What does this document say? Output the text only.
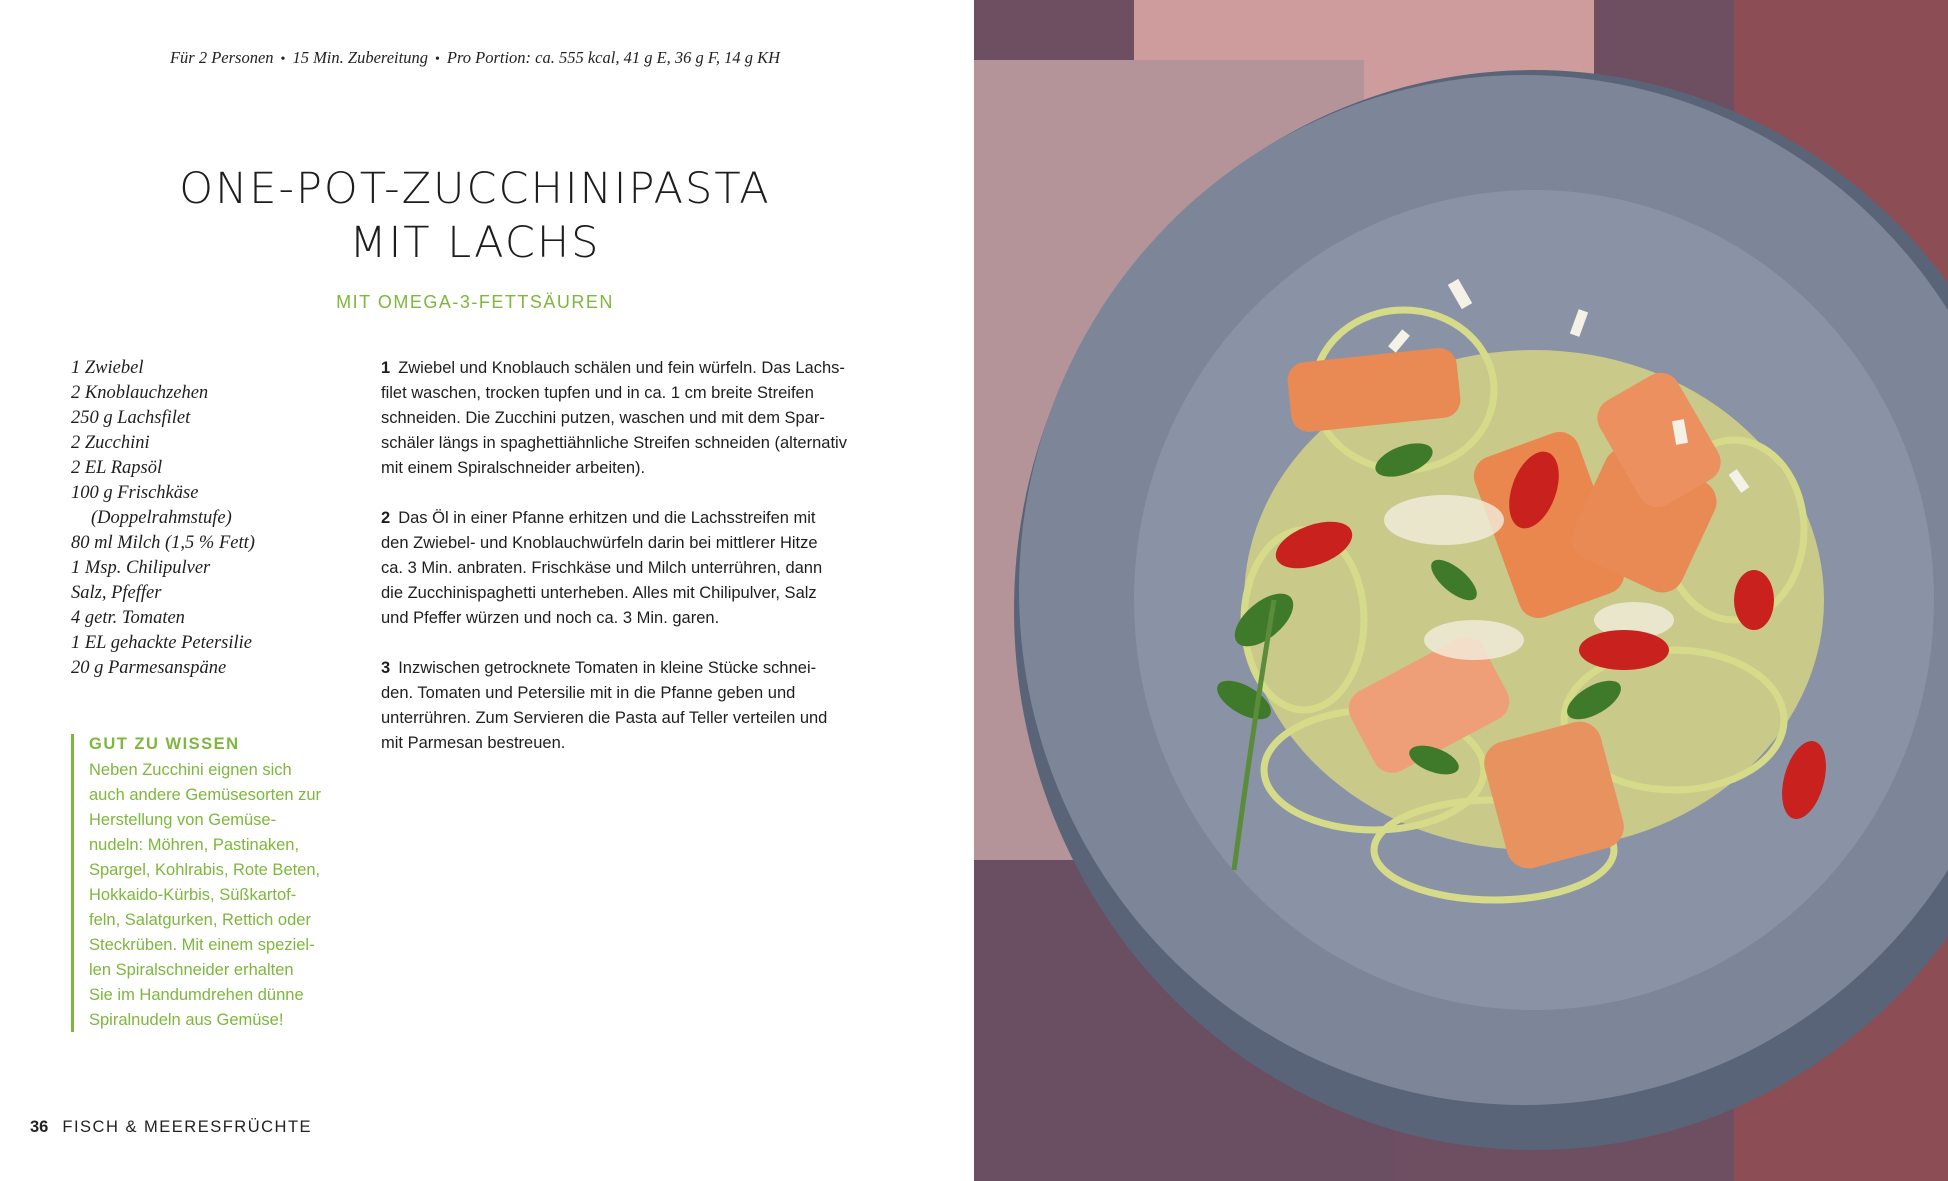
Für 2 Personen • 15 Min. Zubereitung • Pro Portion: ca. 555 kcal, 41 g E, 36 g F, 14 g KH
ONE-POT-ZUCCHINIPASTA
MIT LACHS
MIT OMEGA-3-FETTSÄUREN
1 Zwiebel
2 Knoblauchzehen
250 g Lachsfilet
2 Zucchini
2 EL Rapsöl
100 g Frischkäse
(Doppelrahmstufe)
80 ml Milch (1,5 % Fett)
1 Msp. Chilipulver
Salz, Pfeffer
4 getr. Tomaten
1 EL gehackte Petersilie
20 g Parmesanspäne
1 Zwiebel und Knoblauch schälen und fein würfeln. Das Lachs-
filet waschen, trocken tupfen und in ca. 1 cm breite Streifen
schneiden. Die Zucchini putzen, waschen und mit dem Spar-
schäler längs in spaghettiähnliche Streifen schneiden (alternativ
mit einem Spiralschneider arbeiten).
2 Das Öl in einer Pfanne erhitzen und die Lachsstreifen mit
den Zwiebel- und Knoblauchwürfeln darin bei mittlerer Hitze
ca. 3 Min. anbraten. Frischkäse und Milch unterrühren, dann
die Zucchinispaghetti unterheben. Alles mit Chilipulver, Salz
und Pfeffer würzen und noch ca. 3 Min. garen.
3 Inzwischen getrocknete Tomaten in kleine Stücke schnei-
den. Tomaten und Petersilie mit in die Pfanne geben und
unterrühren. Zum Servieren die Pasta auf Teller verteilen und
mit Parmesan bestreuen.
GUT ZU WISSEN
Neben Zucchini eignen sich
auch andere Gemüsesorten zur
Herstellung von Gemüse-
nudeln: Möhren, Pastinaken,
Spargel, Kohlrabis, Rote Beten,
Hokkaido-Kürbis, Süßkartof-
feln, Salatgurken, Rettich oder
Steckrüben. Mit einem speziel-
len Spiralschneider erhalten
Sie im Handumdrehen dünne
Spiralnudeln aus Gemüse!
36 FISCH & MEERESFRÜCHTE
